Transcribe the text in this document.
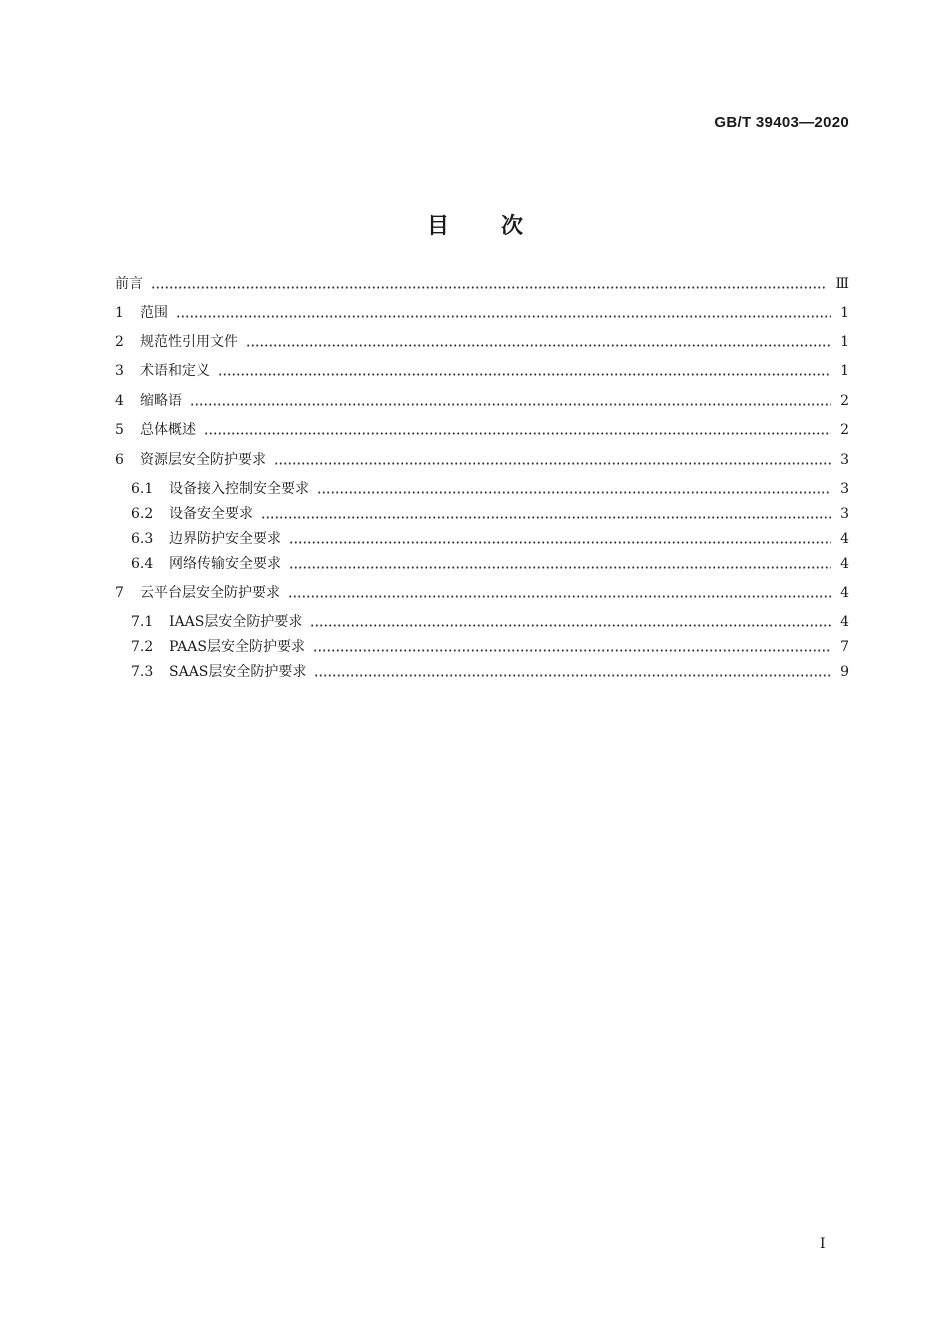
GB/T 39403—2020
目次
前言	Ⅲ
1	范围	1
2	规范性引用文件	1
3	术语和定义	1
4	缩略语	2
5	总体概述	2
6	资源层安全防护要求	3
6.1	设备接入控制安全要求	3
6.2	设备安全要求	3
6.3	边界防护安全要求	4
6.4	网络传输安全要求	4
7	云平台层安全防护要求	4
7.1	IAAS层安全防护要求	4
7.2	PAAS层安全防护要求	7
7.3	SAAS层安全防护要求	9
I
